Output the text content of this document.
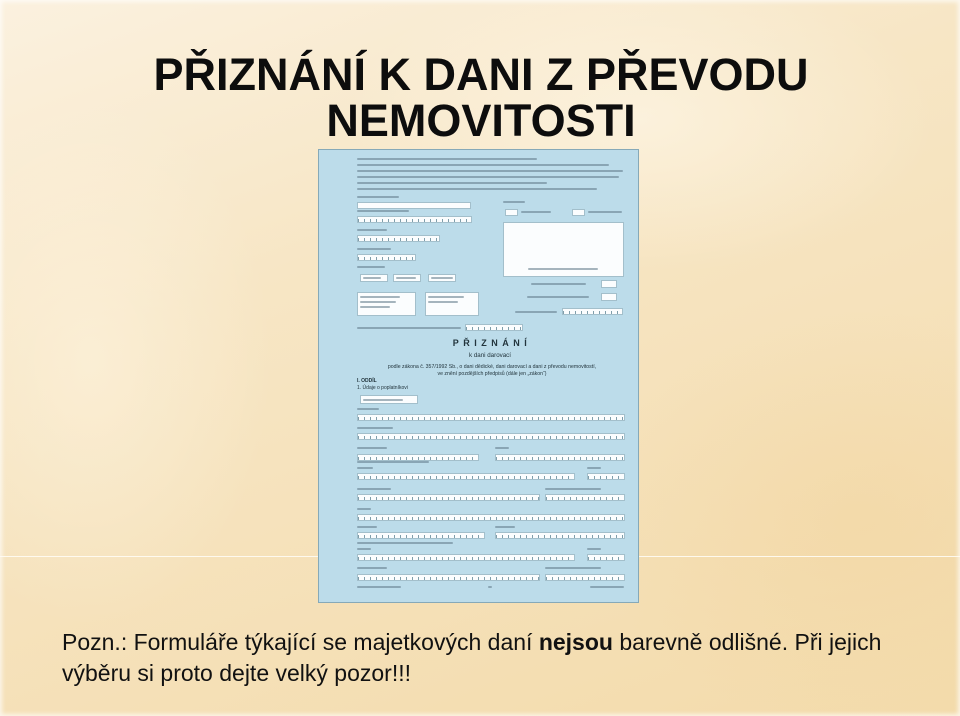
PŘIZNÁNÍ K DANI Z PŘEVODU NEMOVITOSTI
PŘIZNÁNÍ
k dani darovací
podle zákona č. 357/1992 Sb., o dani dědické, dani darovací a dani z převodu nemovitostí,
ve znění pozdějších předpisů (dále jen „zákon“)
I. ODDÍL
1. Údaje o poplatníkovi

Pozn.: Formuláře týkající se majetkových daní nejsou barevně odlišné. Při jejich výběru si proto dejte velký pozor!!!
